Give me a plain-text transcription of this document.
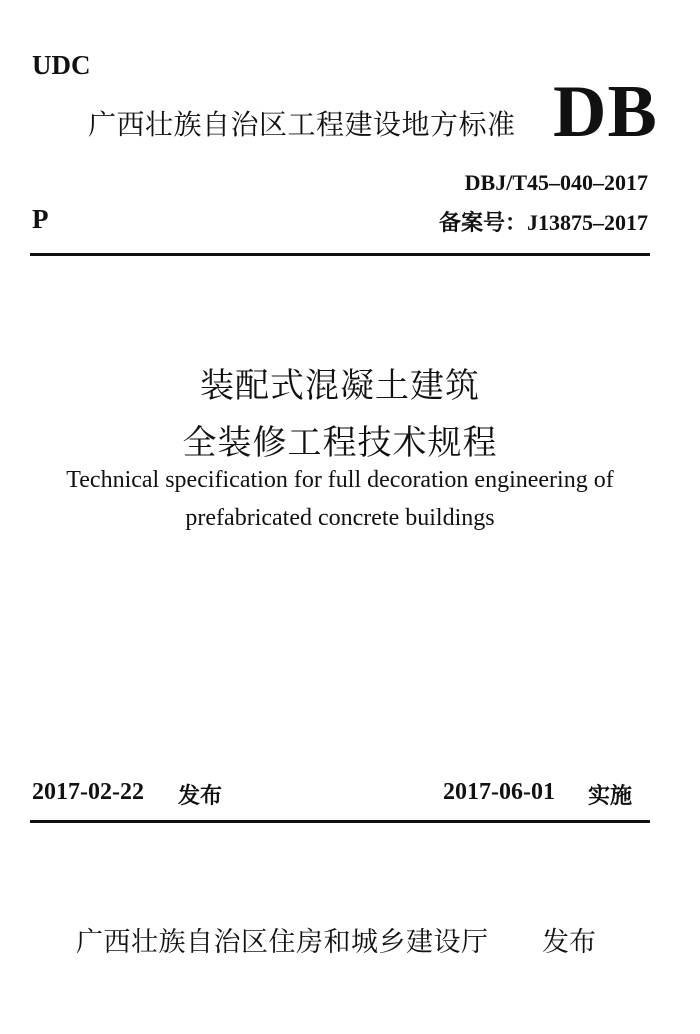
UDC
广西壮族自治区工程建设地方标准 DB
DBJ/T45–040–2017
P	备案号：J13875–2017
装配式混凝土建筑
全装修工程技术规程
Technical specification for full decoration engineering of
prefabricated concrete buildings
2017-02-22 发布	2017-06-01 实施
广西壮族自治区住房和城乡建设厅 发布
